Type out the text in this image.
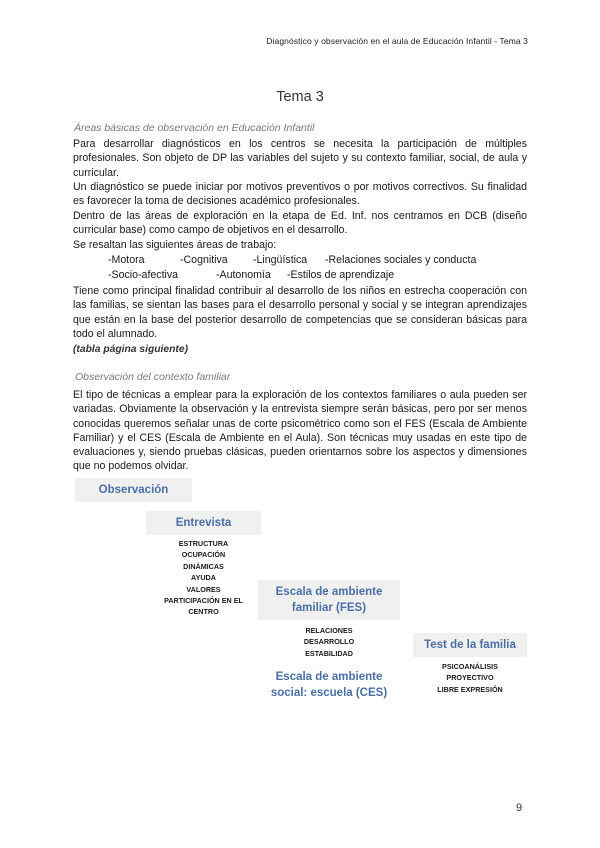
Diagnóstico y observación en el aula de Educación Infantil - Tema 3
Tema 3
Áreas básicas de observación en Educación Infantil
Para desarrollar diagnósticos en los centros se necesita la participación de múltiples profesionales. Son objeto de DP las variables del sujeto y su contexto familiar, social, de aula y curricular.
Un diagnóstico se puede iniciar por motivos preventivos o por motivos correctivos. Su finalidad es favorecer la toma de decisiones académico profesionales.
Dentro de las áreas de exploración en la etapa de Ed. Inf. nos centramos en DCB (diseño curricular base) como campo de objetivos en el desarrollo.
Se resaltan las siguientes áreas de trabajo:
-Motora	-Cognitiva -Lingüística -Relaciones sociales y conducta
-Socio-afectiva	-Autonomía -Estilos de aprendizaje
Tiene como principal finalidad contribuir al desarrollo de los niños en estrecha cooperación con las familias, se sientan las bases para el desarrollo personal y social y se integran aprendizajes que están en la base del posterior desarrollo de competencias que se consideran básicas para todo el alumnado.
(tabla página siguiente)
Observación del contexto familiar
El tipo de técnicas a emplear para la exploración de los contextos familiares o aula pueden ser variadas. Obviamente la observación y la entrevista siempre serán básicas, pero por ser menos conocidas queremos señalar unas de corte psicométrico como son el FES (Escala de Ambiente Familiar) y el CES (Escala de Ambiente en el Aula). Son técnicas muy usadas en este tipo de evaluaciones y, siendo pruebas clásicas, pueden orientarnos sobre los aspectos y dimensiones que no podemos olvidar.
Observación
Entrevista
ESTRUCTURA
OCUPACIÓN
DINÁMICAS
AYUDA
VALORES
PARTICIPACIÓN EN EL
CENTRO
Escala de ambiente
familiar (FES)
RELACIONES
DESARROLLO
ESTABILIDAD
Escala de ambiente
social: escuela (CES)
Test de la familia
PSICOANÁLISIS
PROYECTIVO
LIBRE EXPRESIÓN
9
